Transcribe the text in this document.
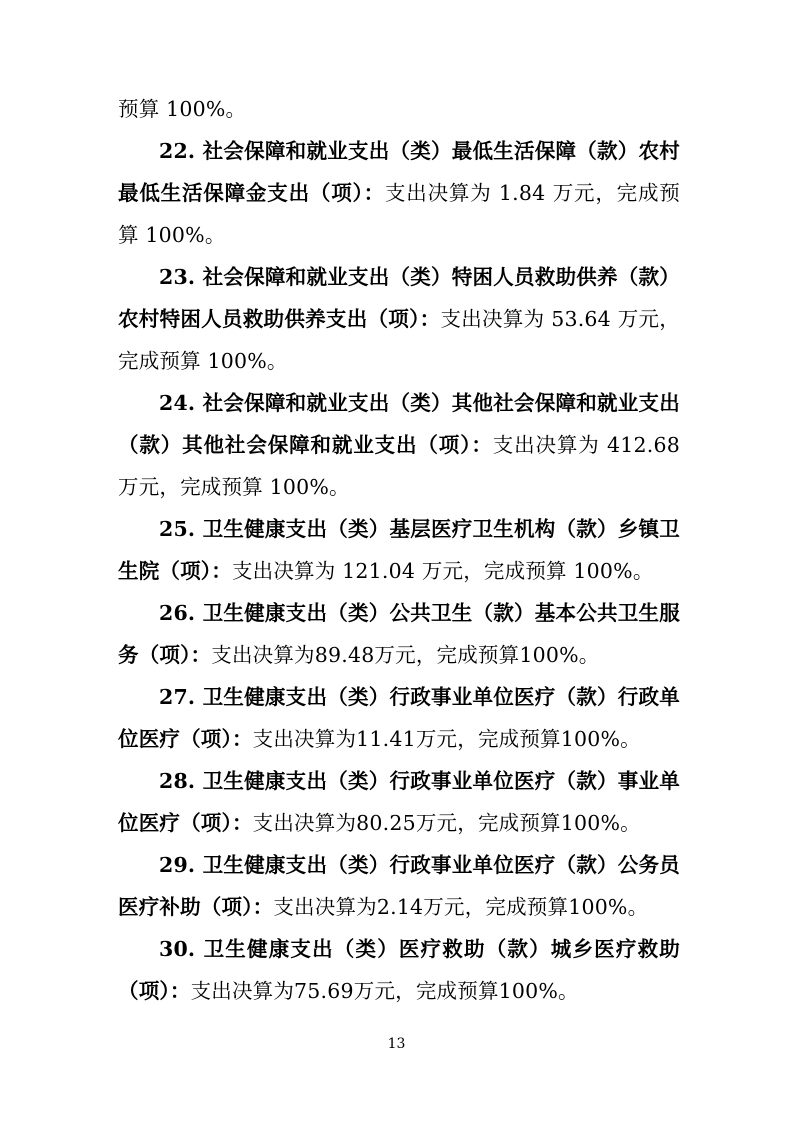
预算 100%。

22. 社会保障和就业支出（类）最低生活保障（款）农村最低生活保障金支出（项）：支出决算为 1.84 万元，完成预算 100%。

23. 社会保障和就业支出（类）特困人员救助供养（款）农村特困人员救助供养支出（项）：支出决算为 53.64 万元，完成预算 100%。

24. 社会保障和就业支出（类）其他社会保障和就业支出（款）其他社会保障和就业支出（项）：支出决算为 412.68 万元，完成预算 100%。

25. 卫生健康支出（类）基层医疗卫生机构（款）乡镇卫生院（项）：支出决算为 121.04 万元，完成预算 100%。

26. 卫生健康支出（类）公共卫生（款）基本公共卫生服务（项）：支出决算为89.48万元，完成预算100%。

27. 卫生健康支出（类）行政事业单位医疗（款）行政单位医疗（项）：支出决算为11.41万元，完成预算100%。

28. 卫生健康支出（类）行政事业单位医疗（款）事业单位医疗（项）：支出决算为80.25万元，完成预算100%。

29. 卫生健康支出（类）行政事业单位医疗（款）公务员医疗补助（项）：支出决算为2.14万元，完成预算100%。

30. 卫生健康支出（类）医疗救助（款）城乡医疗救助（项）：支出决算为75.69万元，完成预算100%。

13
